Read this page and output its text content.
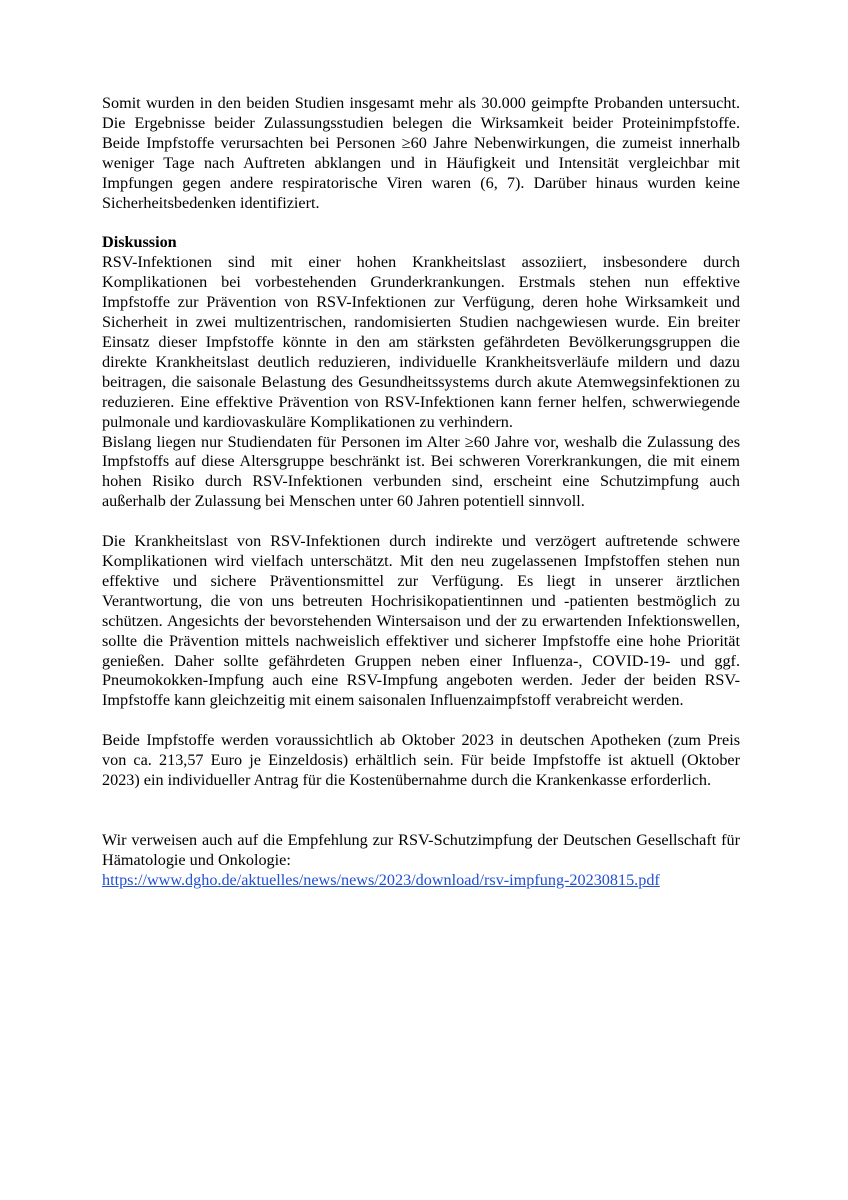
Somit wurden in den beiden Studien insgesamt mehr als 30.000 geimpfte Probanden untersucht. Die Ergebnisse beider Zulassungsstudien belegen die Wirksamkeit beider Proteinimpfstoffe. Beide Impfstoffe verursachten bei Personen ≥60 Jahre Nebenwirkungen, die zumeist innerhalb weniger Tage nach Auftreten abklangen und in Häufigkeit und Intensität vergleichbar mit Impfungen gegen andere respiratorische Viren waren (6, 7). Darüber hinaus wurden keine Sicherheitsbedenken identifiziert.

Diskussion

RSV-Infektionen sind mit einer hohen Krankheitslast assoziiert, insbesondere durch Komplikationen bei vorbestehenden Grunderkrankungen. Erstmals stehen nun effektive Impfstoffe zur Prävention von RSV-Infektionen zur Verfügung, deren hohe Wirksamkeit und Sicherheit in zwei multizentrischen, randomisierten Studien nachgewiesen wurde. Ein breiter Einsatz dieser Impfstoffe könnte in den am stärksten gefährdeten Bevölkerungsgruppen die direkte Krankheitslast deutlich reduzieren, individuelle Krankheitsverläufe mildern und dazu beitragen, die saisonale Belastung des Gesundheitssystems durch akute Atemwegsinfektionen zu reduzieren. Eine effektive Prävention von RSV-Infektionen kann ferner helfen, schwerwiegende pulmonale und kardiovaskuläre Komplikationen zu verhindern.

Bislang liegen nur Studiendaten für Personen im Alter ≥60 Jahre vor, weshalb die Zulassung des Impfstoffs auf diese Altersgruppe beschränkt ist. Bei schweren Vorerkrankungen, die mit einem hohen Risiko durch RSV-Infektionen verbunden sind, erscheint eine Schutzimpfung auch außerhalb der Zulassung bei Menschen unter 60 Jahren potentiell sinnvoll.

Die Krankheitslast von RSV-Infektionen durch indirekte und verzögert auftretende schwere Komplikationen wird vielfach unterschätzt. Mit den neu zugelassenen Impfstoffen stehen nun effektive und sichere Präventionsmittel zur Verfügung. Es liegt in unserer ärztlichen Verantwortung, die von uns betreuten Hochrisikopatientinnen und -patienten bestmöglich zu schützen. Angesichts der bevorstehenden Wintersaison und der zu erwartenden Infektionswellen, sollte die Prävention mittels nachweislich effektiver und sicherer Impfstoffe eine hohe Priorität genießen. Daher sollte gefährdeten Gruppen neben einer Influenza-, COVID-19- und ggf. Pneumokokken-Impfung auch eine RSV-Impfung angeboten werden. Jeder der beiden RSV-Impfstoffe kann gleichzeitig mit einem saisonalen Influenzaimpfstoff verabreicht werden.

Beide Impfstoffe werden voraussichtlich ab Oktober 2023 in deutschen Apotheken (zum Preis von ca. 213,57 Euro je Einzeldosis) erhältlich sein. Für beide Impfstoffe ist aktuell (Oktober 2023) ein individueller Antrag für die Kostenübernahme durch die Krankenkasse erforderlich.

Wir verweisen auch auf die Empfehlung zur RSV-Schutzimpfung der Deutschen Gesellschaft für Hämatologie und Onkologie:

https://www.dgho.de/aktuelles/news/news/2023/download/rsv-impfung-20230815.pdf
